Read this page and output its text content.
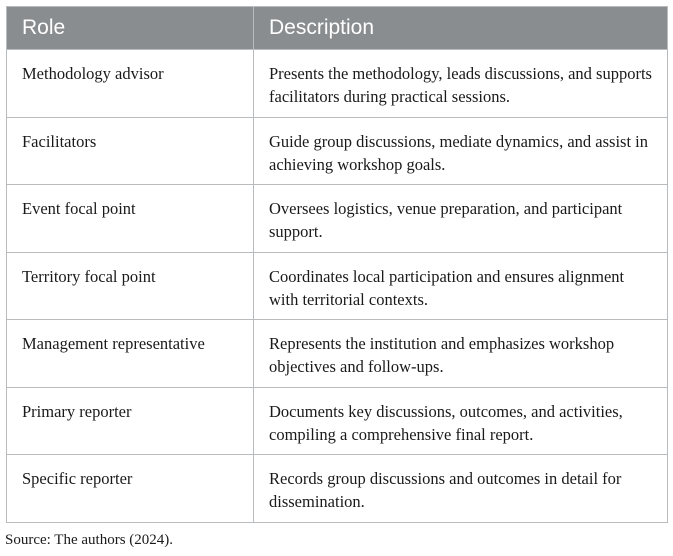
Role	Description
Methodology advisor	Presents the methodology, leads discussions, and supports facilitators during practical sessions.
Facilitators	Guide group discussions, mediate dynamics, and assist in achieving workshop goals.
Event focal point	Oversees logistics, venue preparation, and participant support.
Territory focal point	Coordinates local participation and ensures alignment with territorial contexts.
Management representative	Represents the institution and emphasizes workshop objectives and follow-ups.
Primary reporter	Documents key discussions, outcomes, and activities, compiling a comprehensive final report.
Specific reporter	Records group discussions and outcomes in detail for dissemination.
Source: The authors (2024).
